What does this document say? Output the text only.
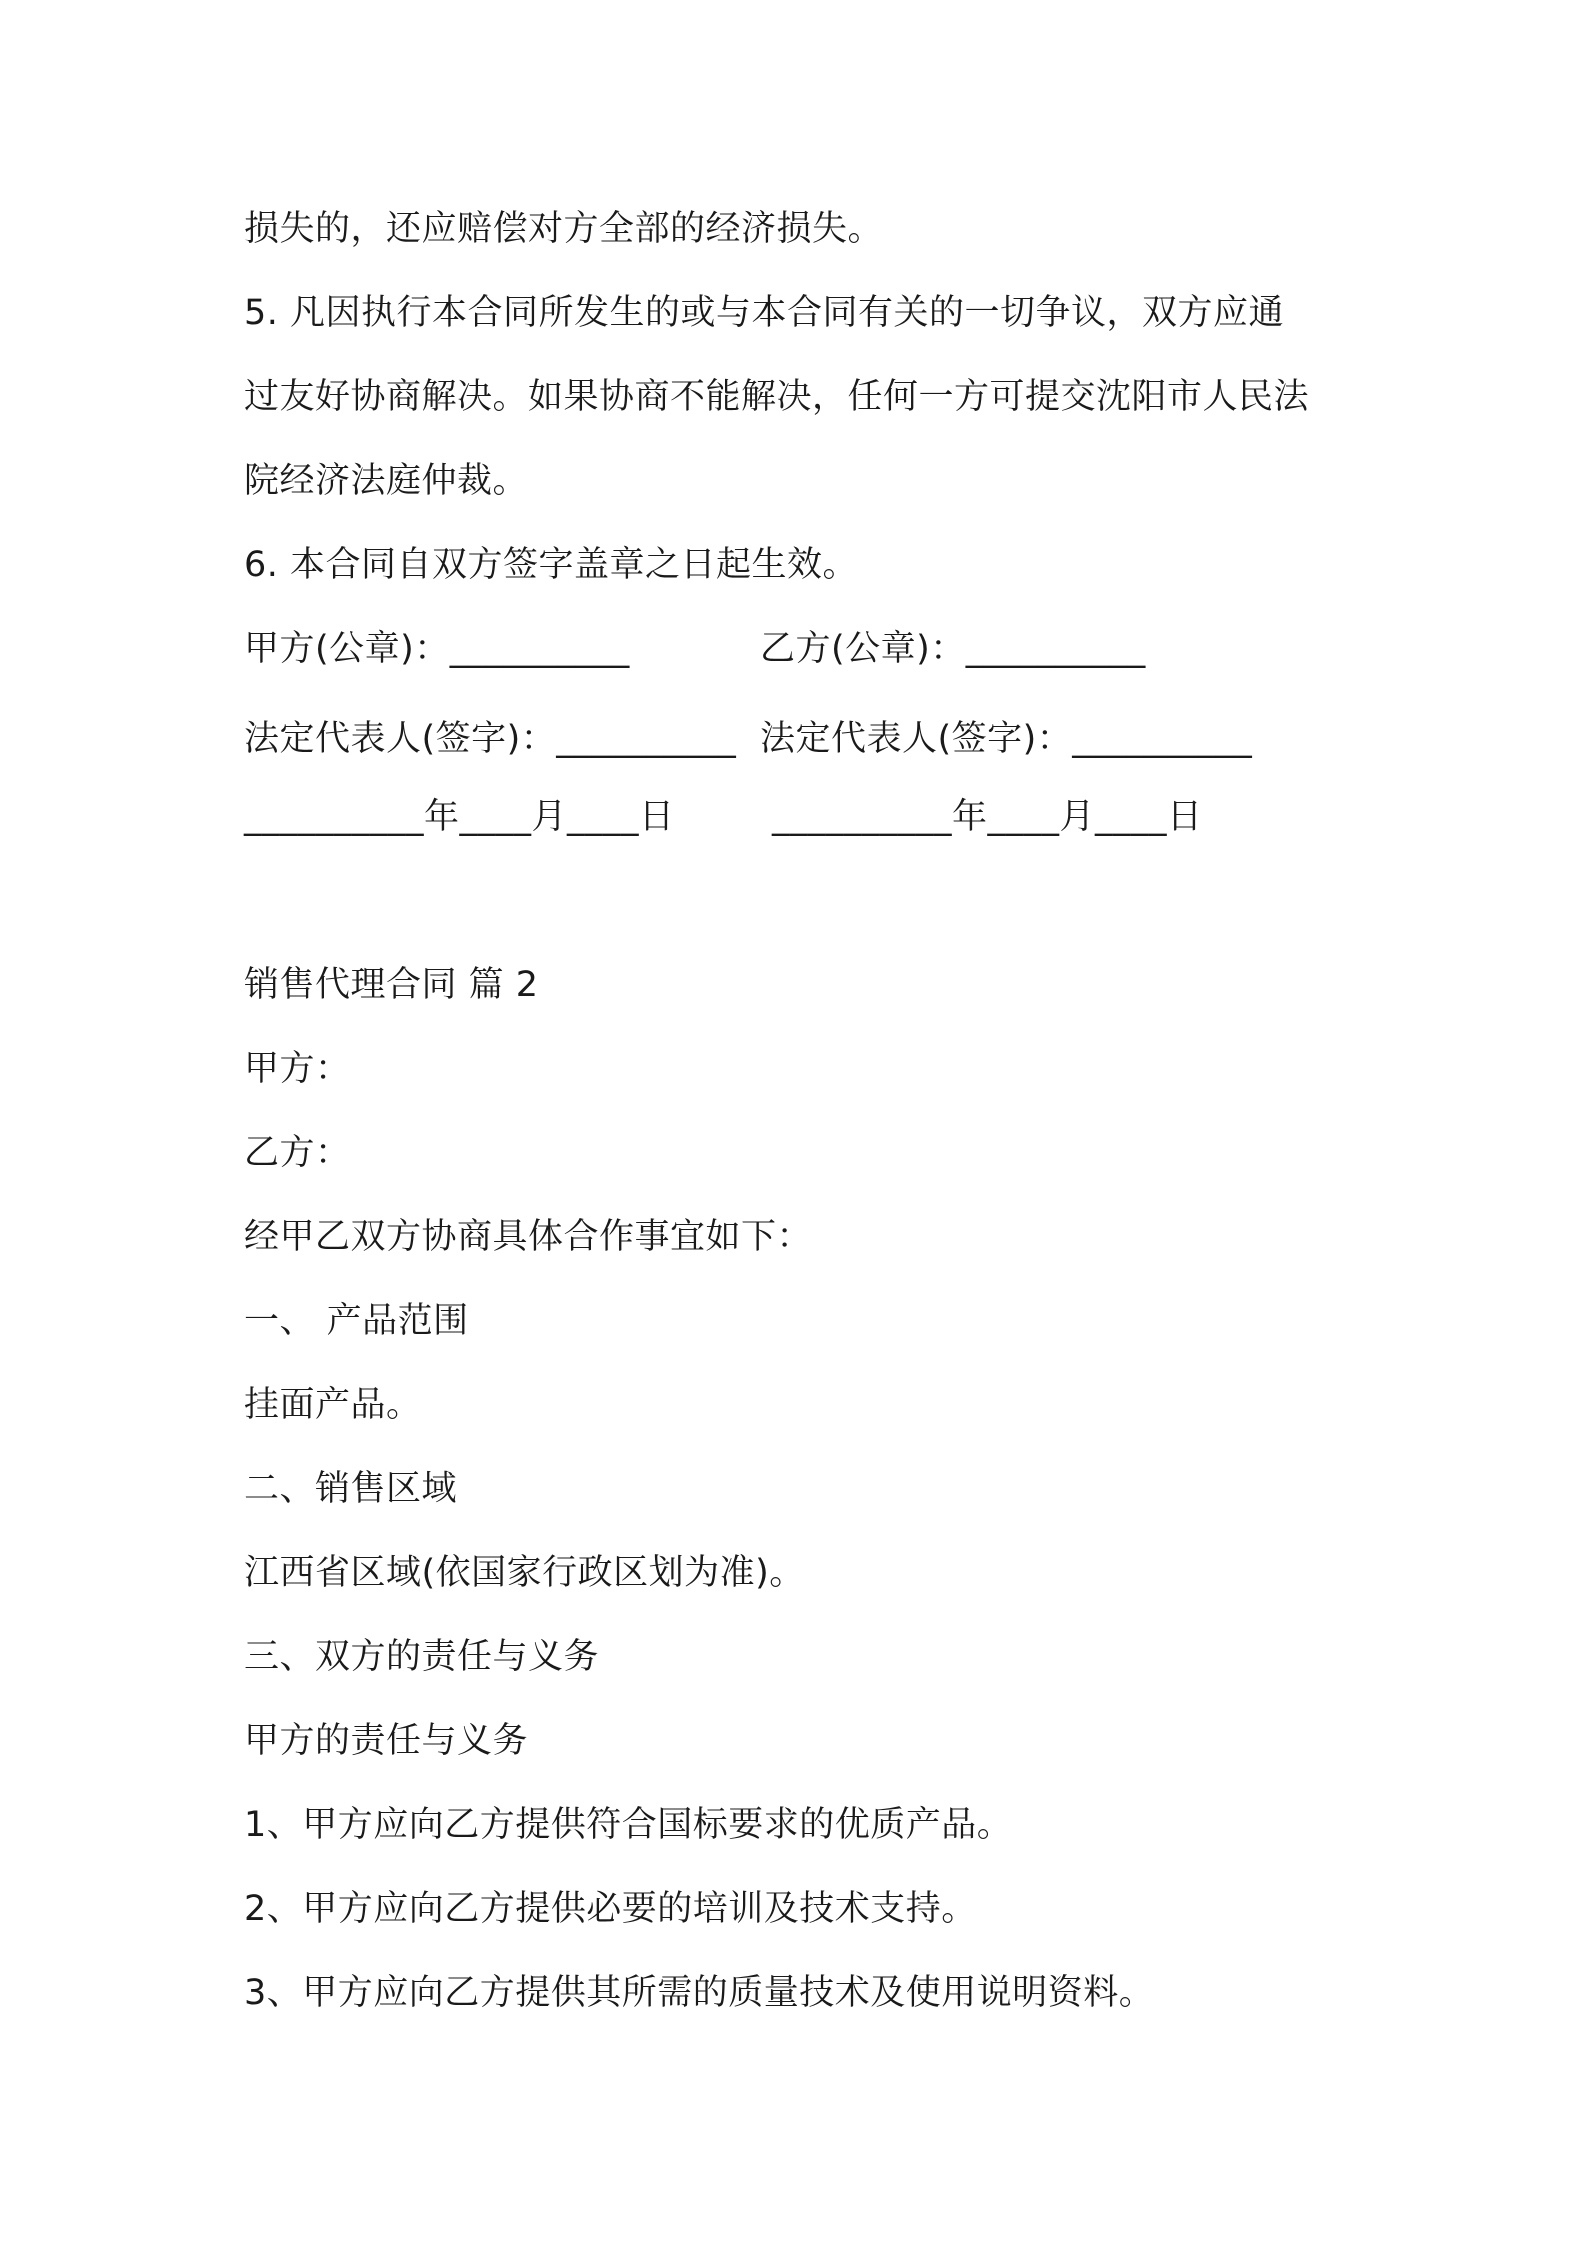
损失的，还应赔偿对方全部的经济损失。
5. 凡因执行本合同所发生的或与本合同有关的一切争议，双方应通
过友好协商解决。如果协商不能解决，任何一方可提交沈阳市人民法
院经济法庭仲裁。
6. 本合同自双方签字盖章之日起生效。
甲方(公章)：__________	乙方(公章)：__________
法定代表人(签字)：__________ 法定代表人(签字)：__________
__________年____月____日	__________年____月____日
销售代理合同 篇 2
甲方：
乙方：
经甲乙双方协商具体合作事宜如下：
一、 产品范围
挂面产品。
二、销售区域
江西省区域(依国家行政区划为准)。
三、双方的责任与义务
甲方的责任与义务
1、甲方应向乙方提供符合国标要求的优质产品。
2、甲方应向乙方提供必要的培训及技术支持。
3、甲方应向乙方提供其所需的质量技术及使用说明资料。
